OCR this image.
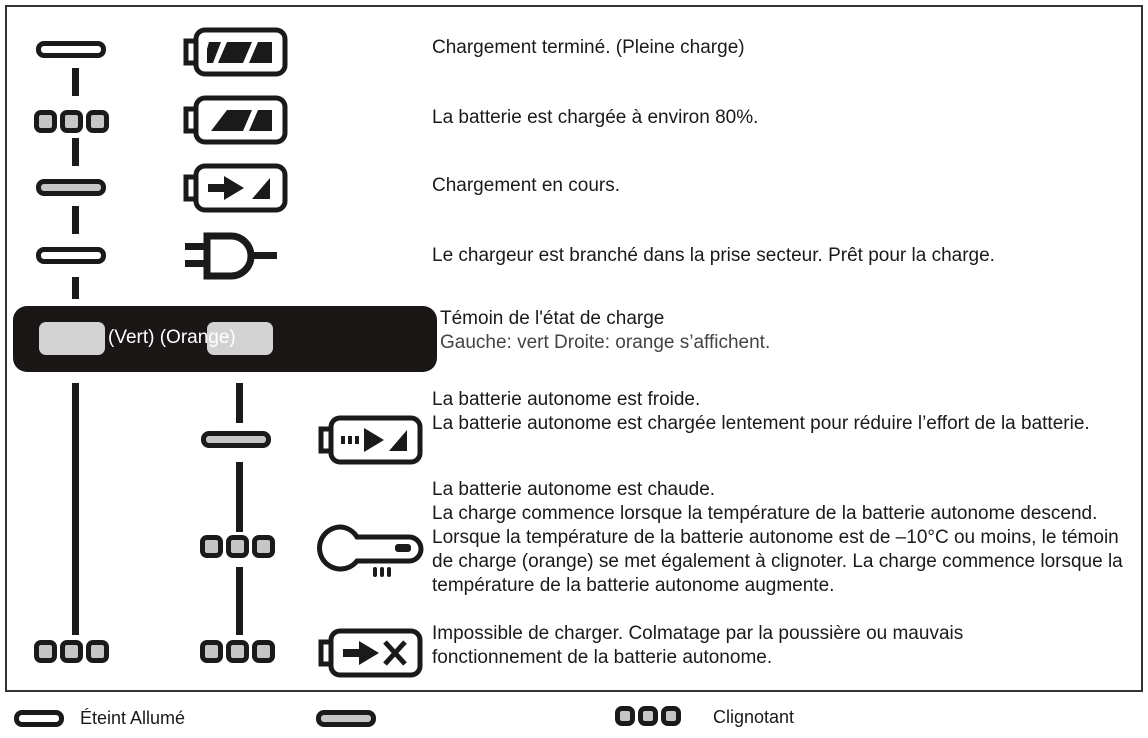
Chargement terminé. (Pleine charge)
La batterie est chargée à environ 80%.
Chargement en cours.
Le chargeur est branché dans la prise secteur. Prêt pour la charge.
(Vert) (Orange)
Témoin de l'état de charge
Gauche: vert Droite: orange s’affichent.
La batterie autonome est froide.
La batterie autonome est chargée lentement pour réduire l’effort de la batterie.
La batterie autonome est chaude.
La charge commence lorsque la température de la batterie autonome descend. Lorsque la température de la batterie autonome est de –10°C ou moins, le témoin de charge (orange) se met également à clignoter. La charge commence lorsque la température de la batterie autonome augmente.
Impossible de charger. Colmatage par la poussière ou mauvais fonctionnement de la batterie autonome.
Éteint Allumé	Clignotant
